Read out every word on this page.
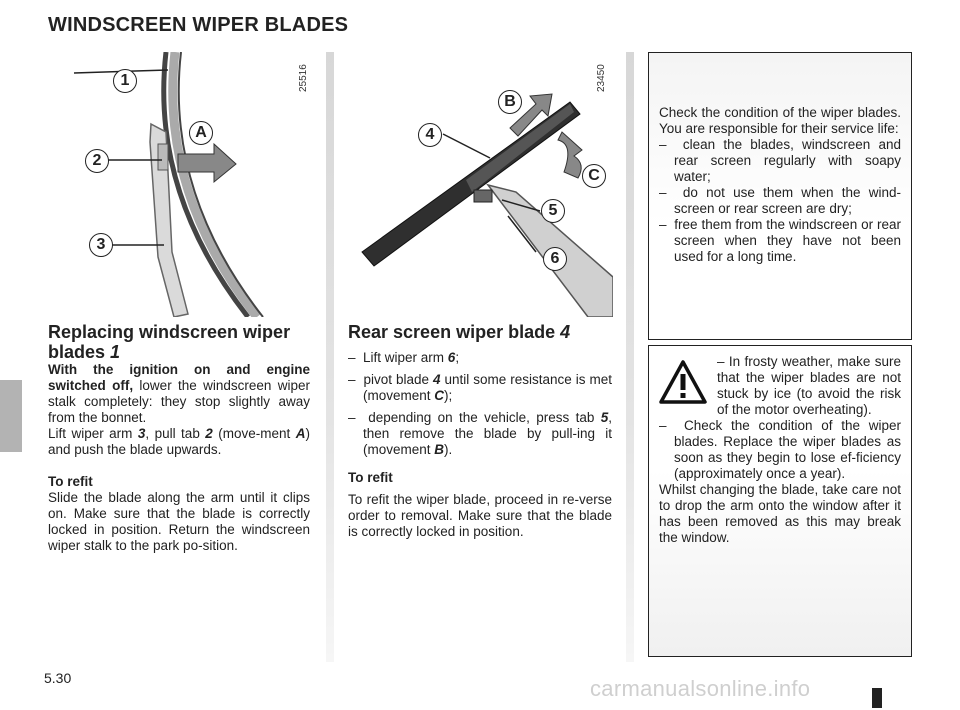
WINDSCREEN WIPER BLADES
1
A
2
3
25516
B
4
C
5
6
23450
Replacing windscreen wiper blades 1

With the ignition on and engine switched off, lower the windscreen wiper stalk completely: they stop slightly away from the bonnet.

Lift wiper arm 3, pull tab 2 (move-ment A) and push the blade upwards.

To refit

Slide the blade along the arm until it clips on. Make sure that the blade is correctly locked in position. Return the windscreen wiper stalk to the park po-sition.

Rear screen wiper blade 4
–  Lift wiper arm 6;
–  pivot blade 4 until some resistance is met (movement C);
–  depending on the vehicle, press tab 5, then remove the blade by pull-ing it (movement B).

To refit

To refit the wiper blade, proceed in re-verse order to removal. Make sure that the blade is correctly locked in position.

Check the condition of the wiper blades. You are responsible for their service life:

–  clean the blades, windscreen and rear screen regularly with soapy water;
–  do not use them when the wind-screen or rear screen are dry;
–  free them from the windscreen or rear screen when they have not been used for a long time.

– In frosty weather, make sure that the wiper blades are not stuck by ice (to avoid the risk of the motor overheating).

–  Check the condition of the wiper blades. Replace the wiper blades as soon as they begin to lose ef-ficiency (approximately once a year).

Whilst changing the blade, take care not to drop the arm onto the window after it has been removed as this may break the window.

5.30	carmanualsonline.info
